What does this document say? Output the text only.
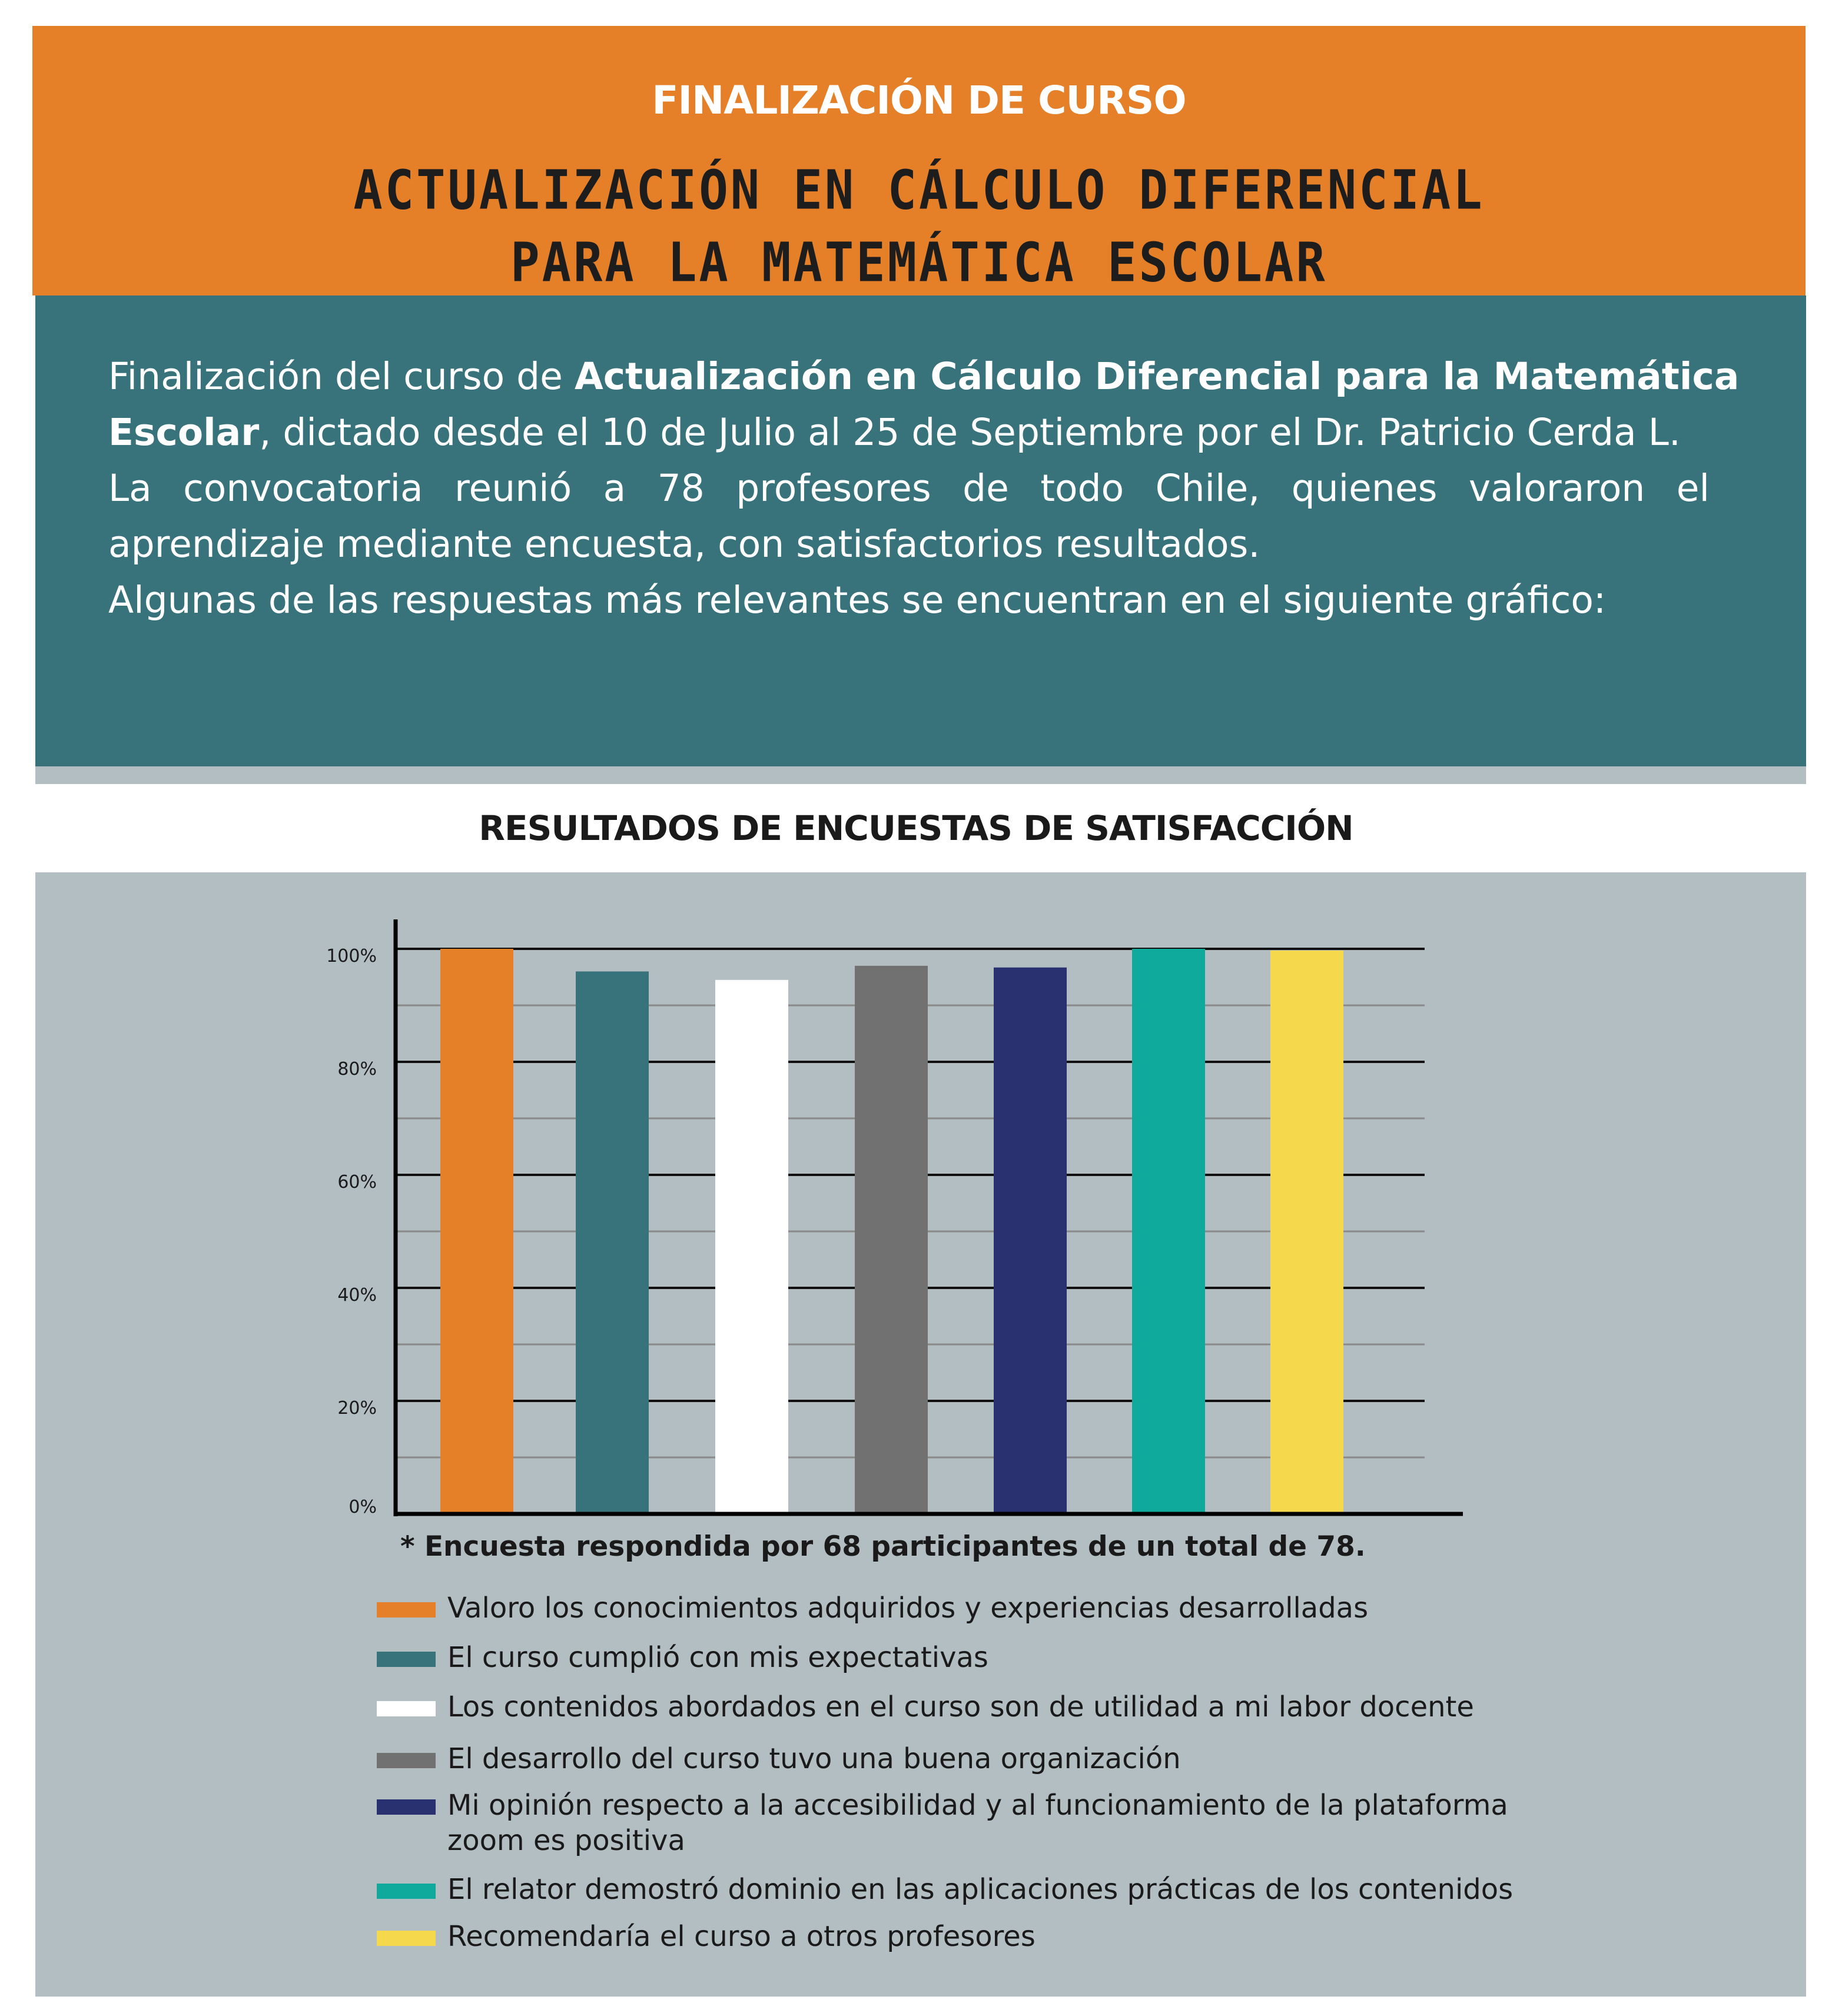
FINALIZACIÓN DE CURSO
ACTUALIZACIÓN EN CÁLCULO DIFERENCIAL
PARA LA MATEMÁTICA ESCOLAR
Finalización del curso de Actualización en Cálculo Diferencial para la Matemática
Escolar, dictado desde el 10 de Julio al 25 de Septiembre por el Dr. Patricio Cerda L.
La convocatoria reunió a 78 profesores de todo Chile, quienes valoraron el
aprendizaje mediante encuesta, con satisfactorios resultados.
Algunas de las respuestas más relevantes se encuentran en el siguiente gráfico:
RESULTADOS DE ENCUESTAS DE SATISFACCIÓN
0%
20%
40%
60%
80%
100%
* Encuesta respondida por 68 participantes de un total de 78.
Valoro los conocimientos adquiridos y experiencias desarrolladas
El curso cumplió con mis expectativas
Los contenidos abordados en el curso son de utilidad a mi labor docente
El desarrollo del curso tuvo una buena organización
Mi opinión respecto a la accesibilidad y al funcionamiento de la plataforma
zoom es positiva
El relator demostró dominio en las aplicaciones prácticas de los contenidos
Recomendaría el curso a otros profesores
